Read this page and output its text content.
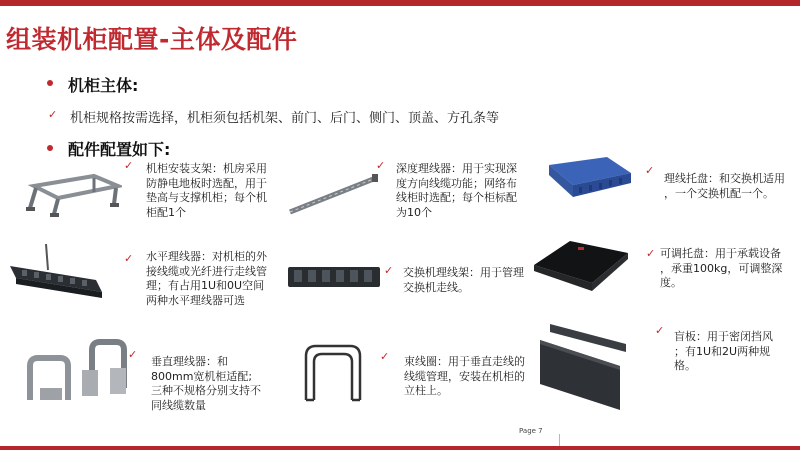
组装机柜配置-主体及配件
机柜主体:
✓ 机柜规格按需选择，机柜须包括机架、前门、后门、侧门、顶盖、方孔条等
配件配置如下:
✓ 机柜安装支架：机房采用
防静电地板时选配，用于
垫高与支撑机柜；每个机
柜配1个
✓ 深度理线器：用于实现深
度方向线缆功能；网络布
线柜时选配；每个柜标配
为10个
✓
理线托盘：和交换机适用
，一个交换机配一个。
✓ 水平理线器：对机柜的外
接线缆或光纤进行走线管
理；有占用1U和0U空间
两种水平理线器可选
✓ 交换机理线架：用于管理
交换机走线。
✓ 可调托盘：用于承载设备
，承重100kg，可调整深
度。
✓
垂直理线器：和
800mm宽机柜适配;
三种不规格分别支持不
同线缆数量
✓ 束线圈：用于垂直走线的
线缆管理，安装在机柜的
立柱上。
✓ 盲板：用于密闭挡风
；有1U和2U两种规
格。
Page 7
